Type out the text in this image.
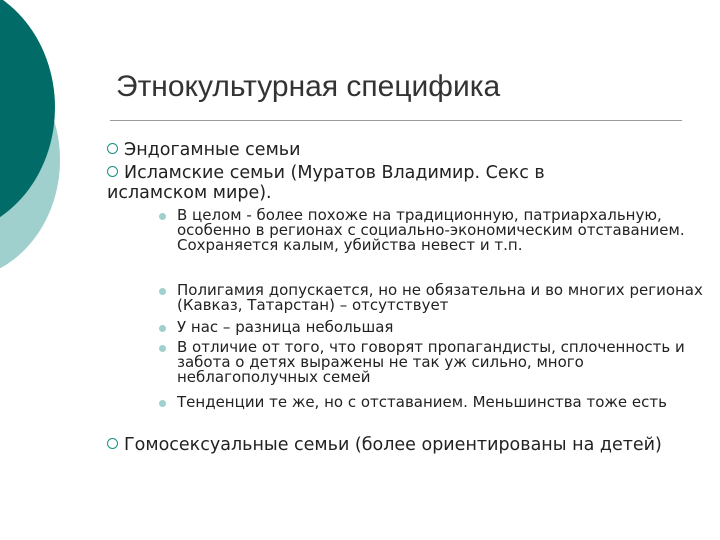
Этнокультурная специфика
Эндогамные семьи
Исламские семьи (Муратов Владимир. Секс в исламском мире).
В целом - более похоже на традиционную, патриархальную, особенно в регионах с социально-экономическим отставанием. Сохраняется калым, убийства невест и т.п.
Полигамия допускается, но не обязательна и во многих регионах (Кавказ, Татарстан) – отсутствует
У нас – разница небольшая
В отличие от того, что говорят пропагандисты, сплоченность и забота о детях выражены не так уж сильно, много неблагополучных семей
Тенденции те же, но с отставанием. Меньшинства тоже есть
Гомосексуальные семьи (более ориентированы на детей)
